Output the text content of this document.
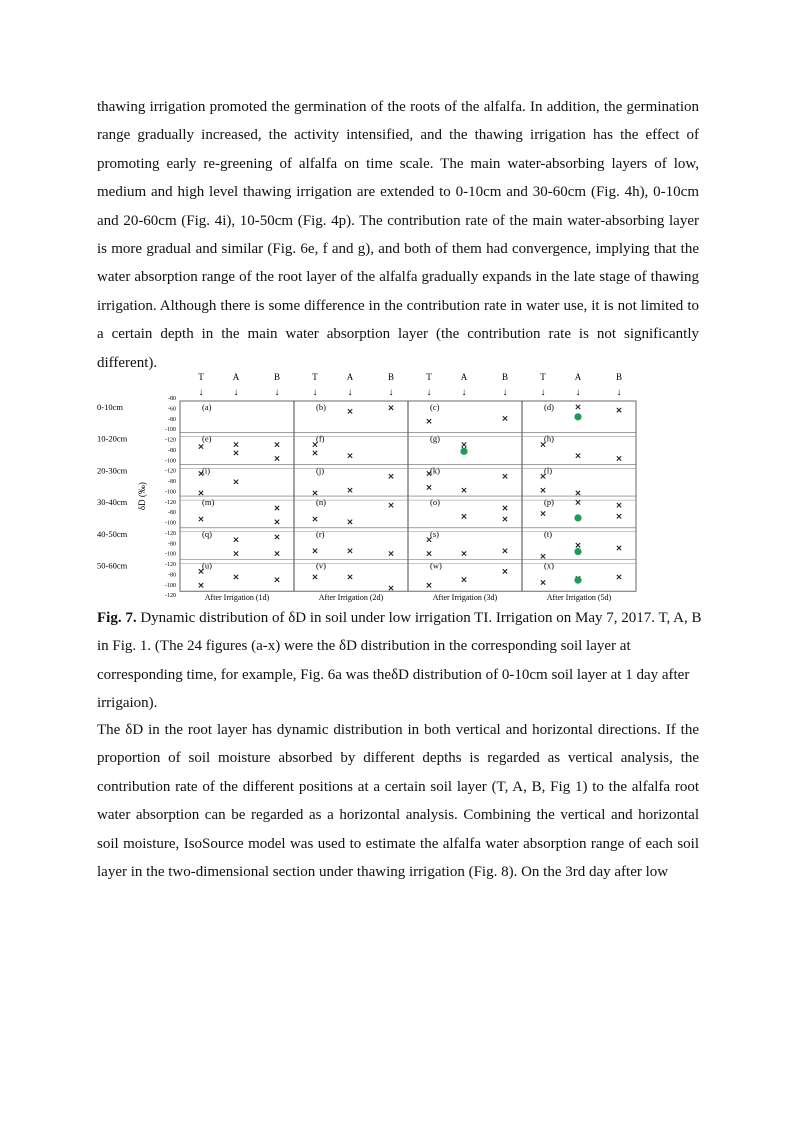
thawing irrigation promoted the germination of the roots of the alfalfa. In addition, the germination range gradually increased, the activity intensified, and the thawing irrigation has the effect of promoting early re-greening of alfalfa on time scale. The main water-absorbing layers of low, medium and high level thawing irrigation are extended to 0-10cm and 30-60cm (Fig. 4h), 0-10cm and 20-60cm (Fig. 4i), 10-50cm (Fig. 4p). The contribution rate of the main water-absorbing layer is more gradual and similar (Fig. 6e, f and g), and both of them had convergence, implying that the water absorption range of the root layer of the alfalfa gradually expands in the late stage of thawing irrigation. Although there is some difference in the contribution rate in water use, it is not limited to a certain depth in the main water absorption layer (the contribution rate is not significantly different).

T
↓
A
↓
B
↓
T
↓
A
↓
B
↓
T
↓
A
↓
B
↓
T
↓
A
↓
B
↓
0-10cm
10-20cm
20-30cm
30-40cm
40-50cm
50-60cm
δD (‰)
-80
-60
-80
-100
-120
-80
-100
-120
-80
-100
-120
-80
-100
-120
-80
-100
-120
-80
-100
-120
(a)	(b)	(c)	(d)
(e)	(f)	(g)	(h)
(i)	(j)	(k)	(l)
(m)	(n)	(o)	(p)
(q)	(r)	(s)	(t)
(u)	(v)	(w)	(x)
After Irrigation (1d)	After Irrigation (2d)	After Irrigation (3d)	After Irrigation (5d)

Fig. 7. Dynamic distribution of δD in soil under low irrigation TI. Irrigation on May 7, 2017. T, A, B in Fig. 1. (The 24 figures (a-x) were the δD distribution in the corresponding soil layer at corresponding time, for example, Fig. 6a was theδD distribution of 0-10cm soil layer at 1 day after irrigaion).

The δD in the root layer has dynamic distribution in both vertical and horizontal directions. If the proportion of soil moisture absorbed by different depths is regarded as vertical analysis, the contribution rate of the different positions at a certain soil layer (T, A, B, Fig 1) to the alfalfa root water absorption can be regarded as a horizontal analysis. Combining the vertical and horizontal soil moisture, IsoSource model was used to estimate the alfalfa water absorption range of each soil layer in the two-dimensional section under thawing irrigation (Fig. 8). On the 3rd day after low
